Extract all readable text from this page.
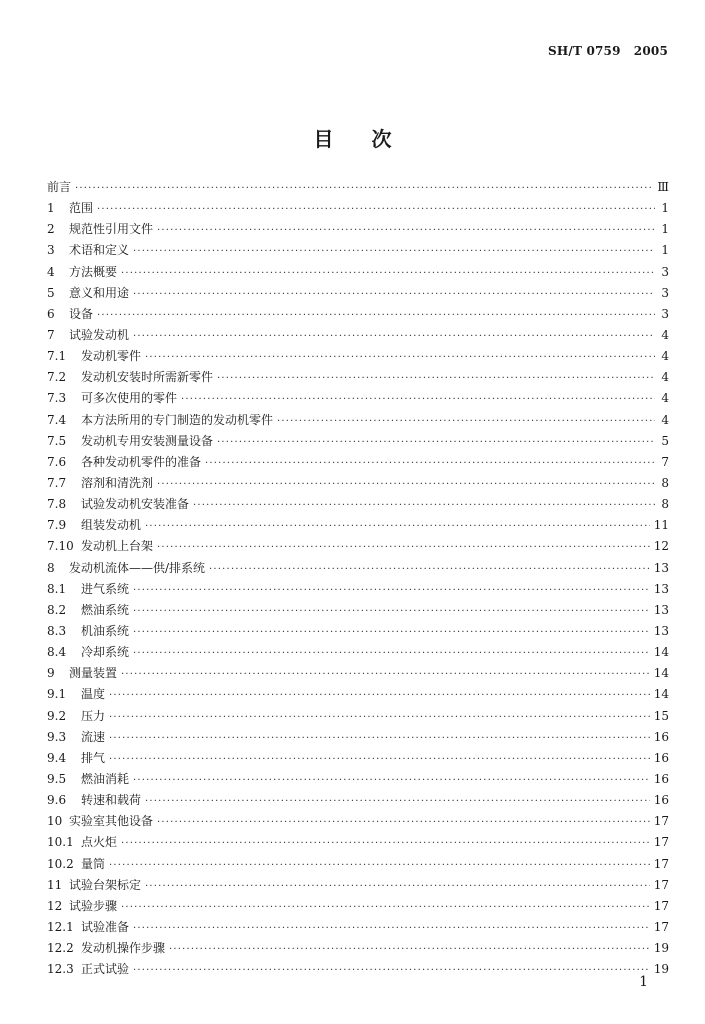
SH/T 0759   2005
目次
前言 ·····	Ⅲ
1	范围 ·····	1
2	规范性引用文件 ·····	1
3	术语和定义 ·····	1
4	方法概要 ·····	3
5	意义和用途 ·····	3
6	设备 ·····	3
7	试验发动机 ·····	4
7.1	发动机零件 ·····	4
7.2	发动机安装时所需新零件 ·····	4
7.3	可多次使用的零件 ·····	4
7.4	本方法所用的专门制造的发动机零件 ·····	4
7.5	发动机专用安装测量设备 ·····	5
7.6	各种发动机零件的准备 ·····	7
7.7	溶剂和清洗剂 ·····	8
7.8	试验发动机安装准备 ·····	8
7.9	组装发动机 ·····	11
7.10 发动机上台架 ·····	12
8	发动机流体——供/排系统 ·····	13
8.1	进气系统 ·····	13
8.2	燃油系统 ·····	13
8.3	机油系统 ·····	13
8.4	冷却系统 ·····	14
9	测量装置 ·····	14
9.1	温度 ·····	14
9.2	压力 ·····	15
9.3	流速 ·····	16
9.4	排气 ·····	16
9.5	燃油消耗 ·····	16
9.6	转速和载荷 ·····	16
10 实验室其他设备 ·····	17
10.1 点火炬 ·····	17
10.2 量筒 ·····	17
11 试验台架标定 ·····	17
12 试验步骤 ·····	17
12.1 试验准备 ·····	17
12.2 发动机操作步骤 ·····	19
12.3 正式试验 ·····	19
1
